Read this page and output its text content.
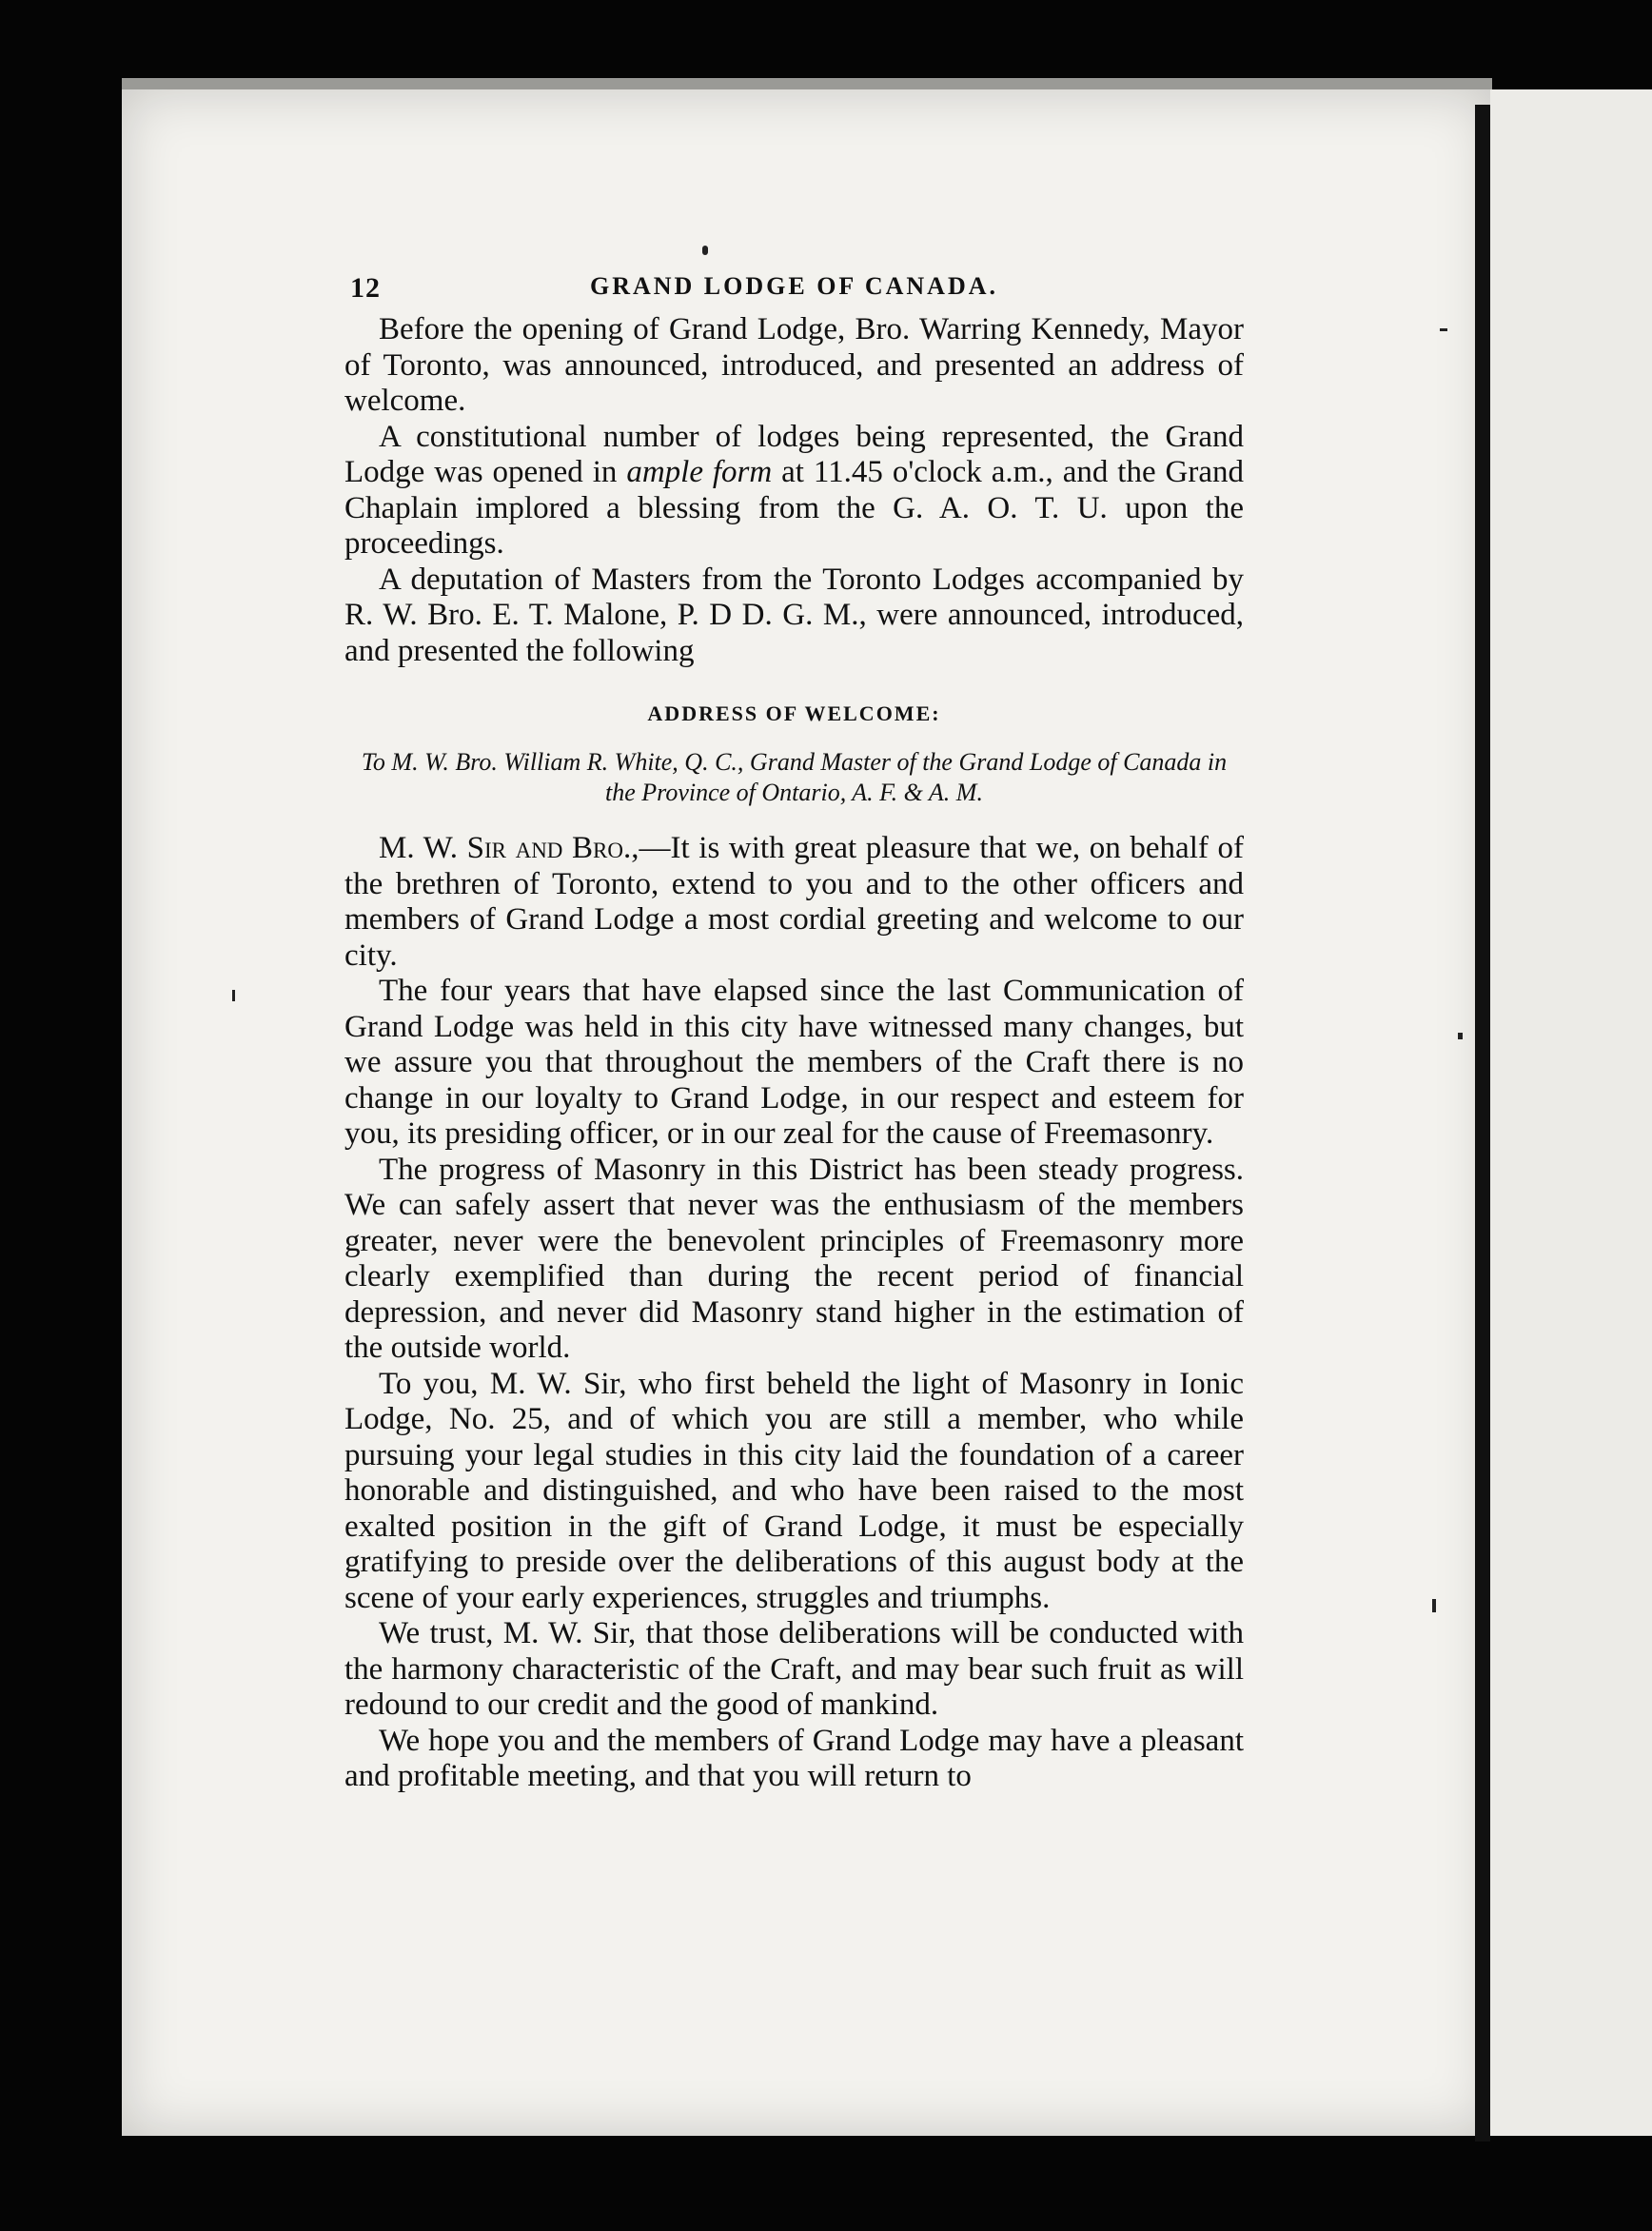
12	GRAND LODGE OF CANADA.

Before the opening of Grand Lodge, Bro. Warring Kennedy, Mayor of Toronto, was announced, introduced, and presented an address of welcome.

A constitutional number of lodges being represented, the Grand Lodge was opened in ample form at 11.45 o'clock a.m., and the Grand Chaplain implored a blessing from the G. A. O. T. U. upon the proceedings.

A deputation of Masters from the Toronto Lodges accompanied by R. W. Bro. E. T. Malone, P. D D. G. M., were announced, introduced, and presented the following

ADDRESS OF WELCOME:
To M. W. Bro. William R. White, Q. C., Grand Master of the Grand Lodge of Canada in the Province of Ontario, A. F. & A. M.

M. W. Sir and Bro.,—It is with great pleasure that we, on behalf of the brethren of Toronto, extend to you and to the other officers and members of Grand Lodge a most cordial greeting and welcome to our city.

The four years that have elapsed since the last Communication of Grand Lodge was held in this city have witnessed many changes, but we assure you that throughout the members of the Craft there is no change in our loyalty to Grand Lodge, in our respect and esteem for you, its presiding officer, or in our zeal for the cause of Freemasonry.

The progress of Masonry in this District has been steady progress. We can safely assert that never was the enthusiasm of the members greater, never were the benevolent principles of Freemasonry more clearly exemplified than during the recent period of financial depression, and never did Masonry stand higher in the estimation of the outside world.

To you, M. W. Sir, who first beheld the light of Masonry in Ionic Lodge, No. 25, and of which you are still a member, who while pursuing your legal studies in this city laid the foundation of a career honorable and distinguished, and who have been raised to the most exalted position in the gift of Grand Lodge, it must be especially gratifying to preside over the deliberations of this august body at the scene of your early experiences, struggles and triumphs.

We trust, M. W. Sir, that those deliberations will be conducted with the harmony characteristic of the Craft, and may bear such fruit as will redound to our credit and the good of mankind.

We hope you and the members of Grand Lodge may have a pleasant and profitable meeting, and that you will return to
